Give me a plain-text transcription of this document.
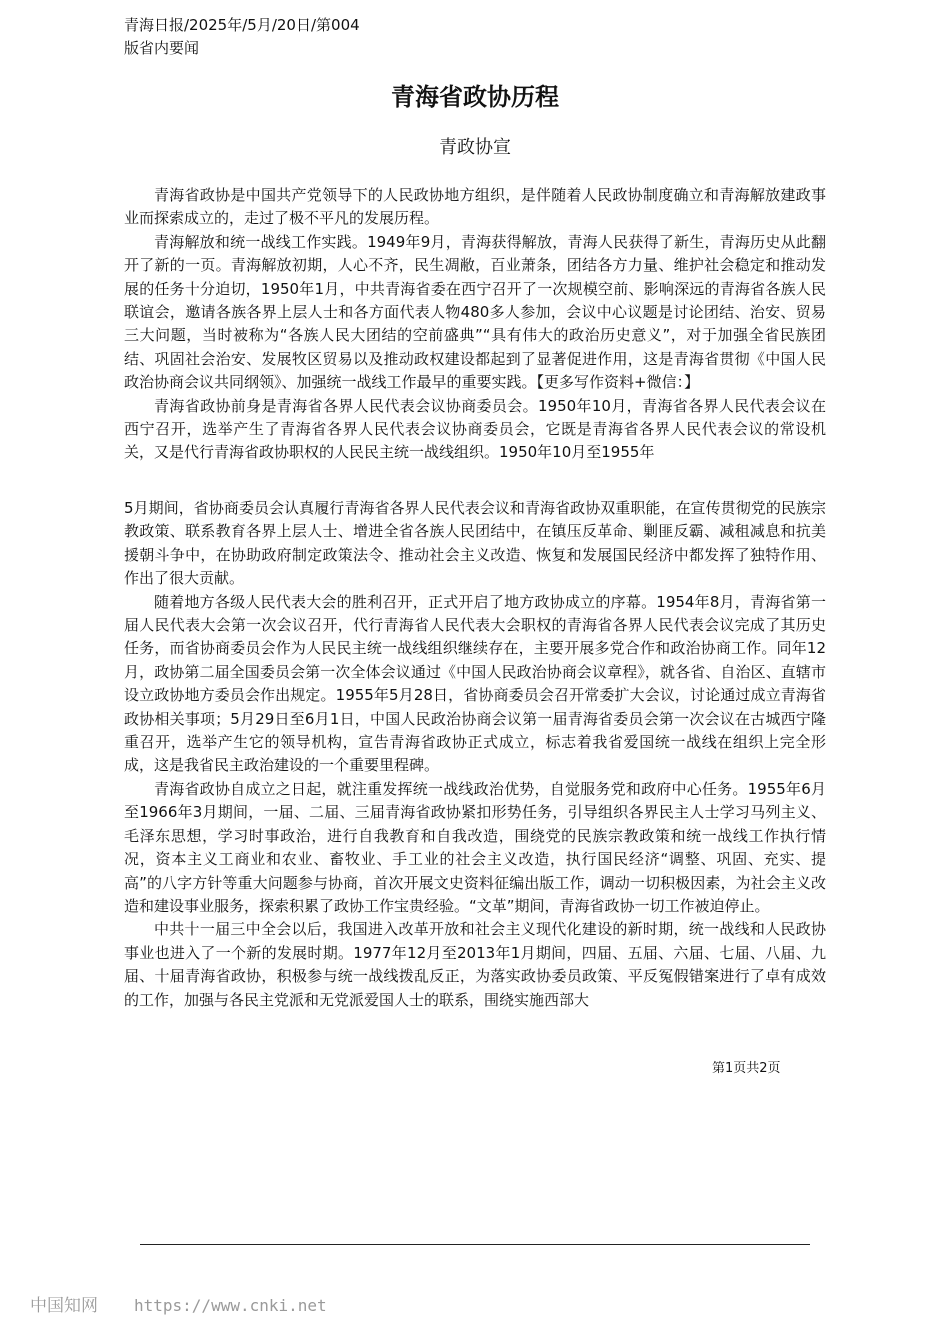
青海日报/2025年/5月/20日/第004
版省内要闻
青海省政协历程
青政协宣

青海省政协是中国共产党领导下的人民政协地方组织，是伴随着人民政协制度确立和青海解放建政事业而探索成立的，走过了极不平凡的发展历程。

青海解放和统一战线工作实践。1949年9月，青海获得解放，青海人民获得了新生，青海历史从此翻开了新的一页。青海解放初期，人心不齐，民生凋敝，百业萧条，团结各方力量、维护社会稳定和推动发展的任务十分迫切，1950年1月，中共青海省委在西宁召开了一次规模空前、影响深远的青海省各族人民联谊会，邀请各族各界上层人士和各方面代表人物480多人参加，会议中心议题是讨论团结、治安、贸易三大问题，当时被称为“各族人民大团结的空前盛典”“具有伟大的政治历史意义”，对于加强全省民族团结、巩固社会治安、发展牧区贸易以及推动政权建设都起到了显著促进作用，这是青海省贯彻《中国人民政治协商会议共同纲领》、加强统一战线工作最早的重要实践。【更多写作资料+微信：】

青海省政协前身是青海省各界人民代表会议协商委员会。1950年10月，青海省各界人民代表会议在西宁召开，选举产生了青海省各界人民代表会议协商委员会，它既是青海省各界人民代表会议的常设机关，又是代行青海省政协职权的人民民主统一战线组织。1950年10月至1955年

5月期间，省协商委员会认真履行青海省各界人民代表会议和青海省政协双重职能，在宣传贯彻党的民族宗教政策、联系教育各界上层人士、增进全省各族人民团结中，在镇压反革命、剿匪反霸、减租减息和抗美援朝斗争中，在协助政府制定政策法令、推动社会主义改造、恢复和发展国民经济中都发挥了独特作用、作出了很大贡献。

随着地方各级人民代表大会的胜利召开，正式开启了地方政协成立的序幕。1954年8月，青海省第一届人民代表大会第一次会议召开，代行青海省人民代表大会职权的青海省各界人民代表会议完成了其历史任务，而省协商委员会作为人民民主统一战线组织继续存在，主要开展多党合作和政治协商工作。同年12月，政协第二届全国委员会第一次全体会议通过《中国人民政治协商会议章程》，就各省、自治区、直辖市设立政协地方委员会作出规定。1955年5月28日，省协商委员会召开常委扩大会议，讨论通过成立青海省政协相关事项；5月29日至6月1日，中国人民政治协商会议第一届青海省委员会第一次会议在古城西宁隆重召开，选举产生它的领导机构，宣告青海省政协正式成立，标志着我省爱国统一战线在组织上完全形成，这是我省民主政治建设的一个重要里程碑。

青海省政协自成立之日起，就注重发挥统一战线政治优势，自觉服务党和政府中心任务。1955年6月至1966年3月期间，一届、二届、三届青海省政协紧扣形势任务，引导组织各界民主人士学习马列主义、毛泽东思想，学习时事政治，进行自我教育和自我改造，围绕党的民族宗教政策和统一战线工作执行情况，资本主义工商业和农业、畜牧业、手工业的社会主义改造，执行国民经济“调整、巩固、充实、提高”的八字方针等重大问题参与协商，首次开展文史资料征编出版工作，调动一切积极因素，为社会主义改造和建设事业服务，探索积累了政协工作宝贵经验。“文革”期间，青海省政协一切工作被迫停止。

中共十一届三中全会以后，我国进入改革开放和社会主义现代化建设的新时期，统一战线和人民政协事业也进入了一个新的发展时期。1977年12月至2013年1月期间，四届、五届、六届、七届、八届、九届、十届青海省政协，积极参与统一战线拨乱反正，为落实政协委员政策、平反冤假错案进行了卓有成效的工作，加强与各民主党派和无党派爱国人士的联系，围绕实施西部大

第1页共2页
中国知网 https://www.cnki.net
